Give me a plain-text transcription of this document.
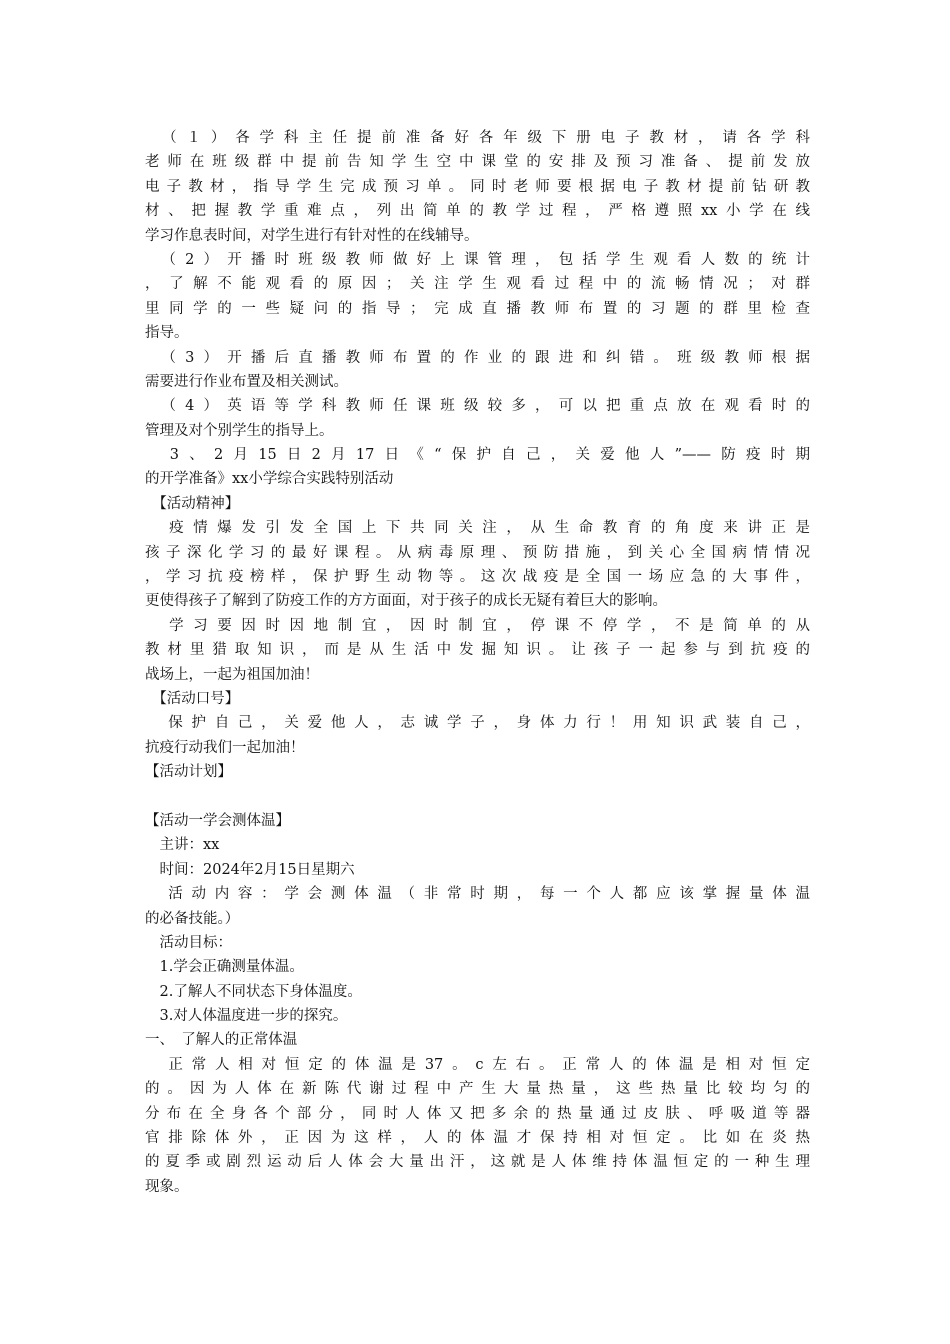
　（１）各学科主任提前准备好各年级下册电子教材，请各学科
老师在班级群中提前告知学生空中课堂的安排及预习准备、提前发放
电子教材，指导学生完成预习单。同时老师要根据电子教材提前钻研教
材、把握教学重难点，列出简单的教学过程，严格遵照xx小学在线
学习作息表时间，对学生进行有针对性的在线辅导。
　（2）开播时班级教师做好上课管理，包括学生观看人数的统计
，了解不能观看的原因；关注学生观看过程中的流畅情况；对群
里同学的一些疑问的指导；完成直播教师布置的习题的群里检查
指导。
　（3）开播后直播教师布置的作业的跟进和纠错。班级教师根据
需要进行作业布置及相关测试。
　（4）英语等学科教师任课班级较多，可以把重点放在观看时的
管理及对个别学生的指导上。
　3、2月15日2月17日《“保护自己，关爱他人”——防疫时期
的开学准备》xx小学综合实践特别活动
　【活动精神】
　疫情爆发引发全国上下共同关注，从生命教育的角度来讲正是
孩子深化学习的最好课程。从病毒原理、预防措施，到关心全国病情情况
，学习抗疫榜样，保护野生动物等。这次战疫是全国一场应急的大事件，
更使得孩子了解到了防疫工作的方方面面，对于孩子的成长无疑有着巨大的影响。
　学习要因时因地制宜，因时制宜，停课不停学，不是简单的从
教材里猎取知识，而是从生活中发掘知识。让孩子一起参与到抗疫的
战场上，一起为祖国加油！
　【活动口号】
　保护自己，关爱他人，志诚学子，身体力行！用知识武装自己，
抗疫行动我们一起加油！
【活动计划】
【活动一学会测体温】
　主讲：xx
　时间：2024年2月15日星期六
　活动内容：学会测体温（非常时期，每一个人都应该掌握量体温
的必备技能。）
　活动目标：
　1.学会正确测量体温。
　2.了解人不同状态下身体温度。
　3.对人体温度进一步的探究。
一、　了解人的正常体温
　正常人相对恒定的体温是37。c左右。正常人的体温是相对恒定
的。因为人体在新陈代谢过程中产生大量热量，这些热量比较均匀的
分布在全身各个部分，同时人体又把多余的热量通过皮肤、呼吸道等器
官排除体外，正因为这样，人的体温才保持相对恒定。比如在炎热
的夏季或剧烈运动后人体会大量出汗，这就是人体维持体温恒定的一种生理
现象。
